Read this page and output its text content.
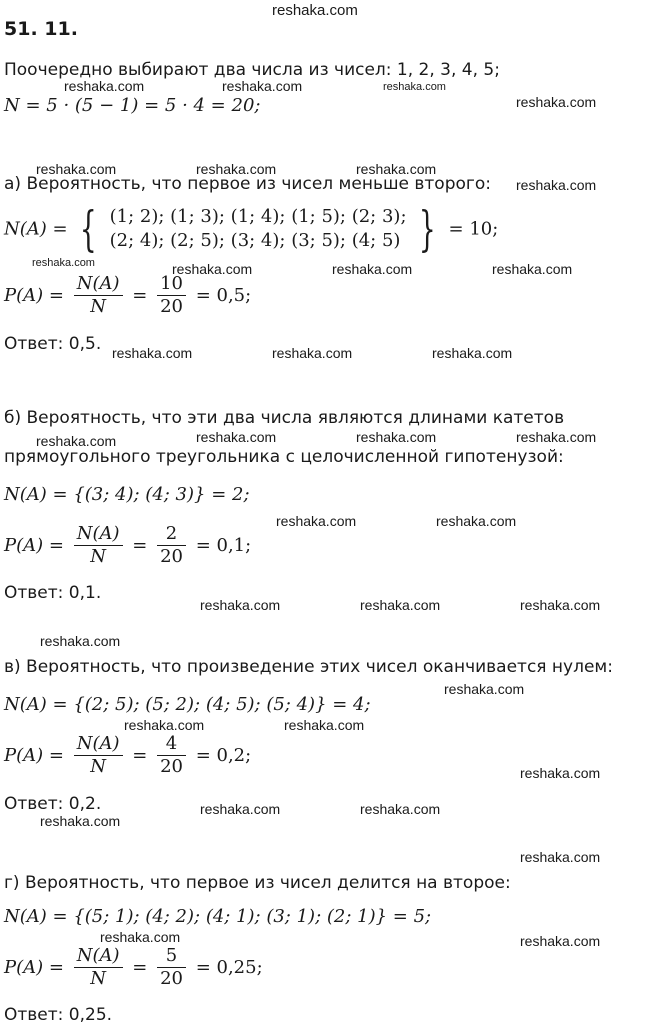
reshaka.com
reshaka.com	reshaka.com	reshaka.com
reshaka.com
reshaka.com	reshaka.com	reshaka.com
reshaka.com
reshaka.com	reshaka.com	reshaka.com	reshaka.com
reshaka.com	reshaka.com	reshaka.com
reshaka.com	reshaka.com	reshaka.com	reshaka.com
reshaka.com	reshaka.com
reshaka.com	reshaka.com	reshaka.com
reshaka.com
reshaka.com
reshaka.com	reshaka.com
reshaka.com
reshaka.com	reshaka.com
reshaka.com
reshaka.com
reshaka.com	reshaka.com
51. 11.
Поочередно выбирают два числа из чисел: 1, 2, 3, 4, 5;
N = 5 · (5 − 1) = 5 · 4 = 20;
а) Вероятность, что первое из чисел меньше второго:
N(A) = { (1; 2); (1; 3); (1; 4); (1; 5); (2; 3);
(2; 4); (2; 5); (3; 4); (3; 5); (4; 5) } = 10;
$P(A) = \frac{N(A)}{N} = \frac{10}{20} = 0,5$;
Ответ: 0,5.
б) Вероятность, что эти два числа являются длинами катетов
прямоугольного треугольника с целочисленной гипотенузой:
N(A) = {(3; 4); (4; 3)} = 2;
$P(A) = \frac{N(A)}{N} = \frac{2}{20} = 0,1$;
Ответ: 0,1.
в) Вероятность, что произведение этих чисел оканчивается нулем:
N(A) = {(2; 5); (5; 2); (4; 5); (5; 4)} = 4;
$P(A) = \frac{N(A)}{N} = \frac{4}{20} = 0,2$;
Ответ: 0,2.
г) Вероятность, что первое из чисел делится на второе:
N(A) = {(5; 1); (4; 2); (4; 1); (3; 1); (2; 1)} = 5;
$P(A) = \frac{N(A)}{N} = \frac{5}{20} = 0,25$;
Ответ: 0,25.
